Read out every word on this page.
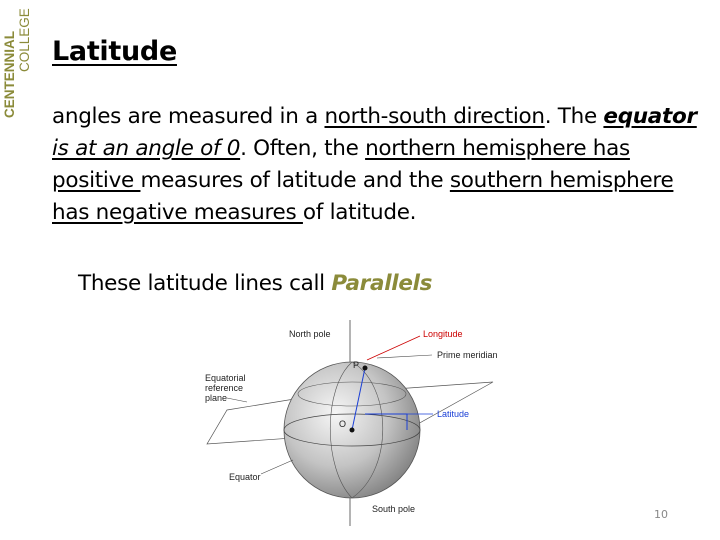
CENTENNIAL COLLEGE Latitude
angles are measured in a north-south direction. The equator is at an angle of 0. Often, the northern hemisphere has positive measures of latitude and the southern hemisphere has negative measures of latitude.
These latitude lines call Parallels
North pole	Longitude
Prime meridian
Equatorial
reference
plane
Latitude
Equator
South pole
P
O
10
